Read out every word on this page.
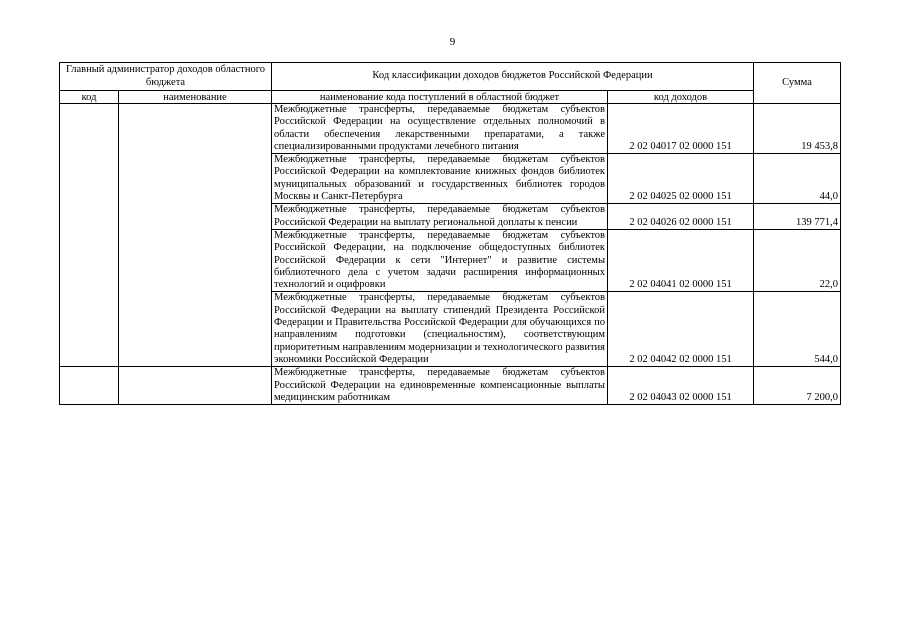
9
Главный администратор доходов областного бюджета		Код классификации доходов бюджетов Российской Федерации		Сумма
код	наименование	наименование кода поступлений в областной бюджет	код доходов	
		Межбюджетные трансферты, передаваемые бюджетам субъектов Российской Федерации на осуществление отдельных полномочий в области обеспечения лекарственными препаратами, а также специализированными продуктами лечебного питания	2 02 04017 02 0000 151	19 453,8
		Межбюджетные трансферты, передаваемые бюджетам субъектов Российской Федерации на комплектование книжных фондов библиотек муниципальных образований и государственных библиотек городов Москвы и Санкт-Петербурга	2 02 04025 02 0000 151	44,0
		Межбюджетные трансферты, передаваемые бюджетам субъектов Российской Федерации на выплату региональной доплаты к пенсии	2 02 04026 02 0000 151	139 771,4
		Межбюджетные трансферты, передаваемые бюджетам субъектов Российской Федерации, на подключение общедоступных библиотек Российской Федерации к сети "Интернет" и развитие системы библиотечного дела с учетом задачи расширения информационных технологий и оцифровки	2 02 04041 02 0000 151	22,0
		Межбюджетные трансферты, передаваемые бюджетам субъектов Российской Федерации на выплату стипендий Президента Российской Федерации и Правительства Российской Федерации для обучающихся по направлениям подготовки (специальностям), соответствующим приоритетным направлениям модернизации и технологического развития экономики Российской Федерации	2 02 04042 02 0000 151	544,0
		Межбюджетные трансферты, передаваемые бюджетам субъектов Российской Федерации на единовременные компенсационные выплаты медицинским работникам	2 02 04043 02 0000 151	7 200,0
